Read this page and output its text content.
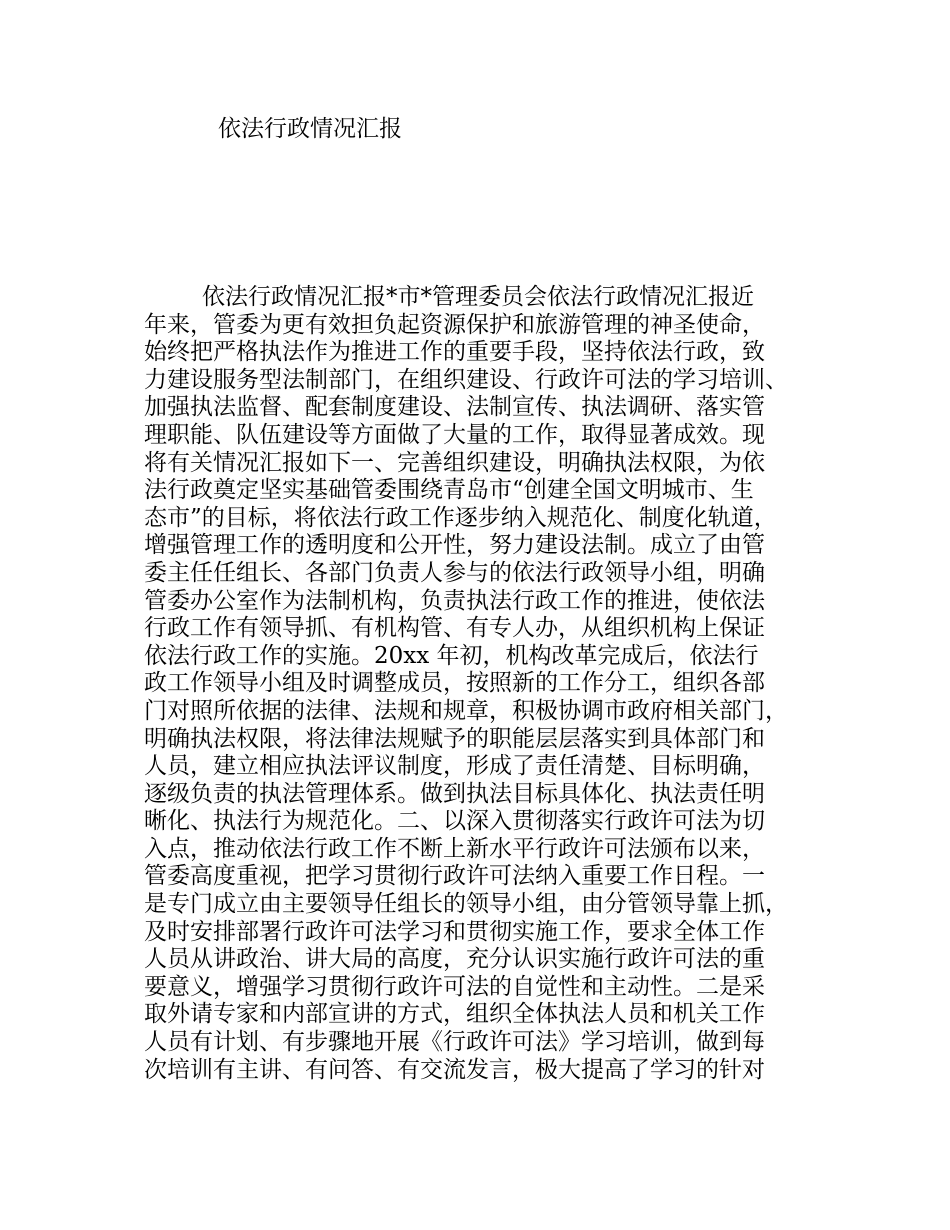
依法行政情况汇报
依法行政情况汇报*市*管理委员会依法行政情况汇报近
年来，管委为更有效担负起资源保护和旅游管理的神圣使命，
始终把严格执法作为推进工作的重要手段，坚持依法行政，致
力建设服务型法制部门，在组织建设、行政许可法的学习培训、
加强执法监督、配套制度建设、法制宣传、执法调研、落实管
理职能、队伍建设等方面做了大量的工作，取得显著成效。现
将有关情况汇报如下一、完善组织建设，明确执法权限，为依
法行政奠定坚实基础管委围绕青岛市“创建全国文明城市、生
态市”的目标，将依法行政工作逐步纳入规范化、制度化轨道，
增强管理工作的透明度和公开性，努力建设法制。成立了由管
委主任任组长、各部门负责人参与的依法行政领导小组，明确
管委办公室作为法制机构，负责执法行政工作的推进，使依法
行政工作有领导抓、有机构管、有专人办，从组织机构上保证
依法行政工作的实施。20xx 年初，机构改革完成后，依法行
政工作领导小组及时调整成员，按照新的工作分工，组织各部
门对照所依据的法律、法规和规章，积极协调市政府相关部门，
明确执法权限，将法律法规赋予的职能层层落实到具体部门和
人员，建立相应执法评议制度，形成了责任清楚、目标明确，
逐级负责的执法管理体系。做到执法目标具体化、执法责任明
晰化、执法行为规范化。二、以深入贯彻落实行政许可法为切
入点，推动依法行政工作不断上新水平行政许可法颁布以来，
管委高度重视，把学习贯彻行政许可法纳入重要工作日程。一
是专门成立由主要领导任组长的领导小组，由分管领导靠上抓，
及时安排部署行政许可法学习和贯彻实施工作，要求全体工作
人员从讲政治、讲大局的高度，充分认识实施行政许可法的重
要意义，增强学习贯彻行政许可法的自觉性和主动性。二是采
取外请专家和内部宣讲的方式，组织全体执法人员和机关工作
人员有计划、有步骤地开展《行政许可法》学习培训，做到每
次培训有主讲、有问答、有交流发言，极大提高了学习的针对
